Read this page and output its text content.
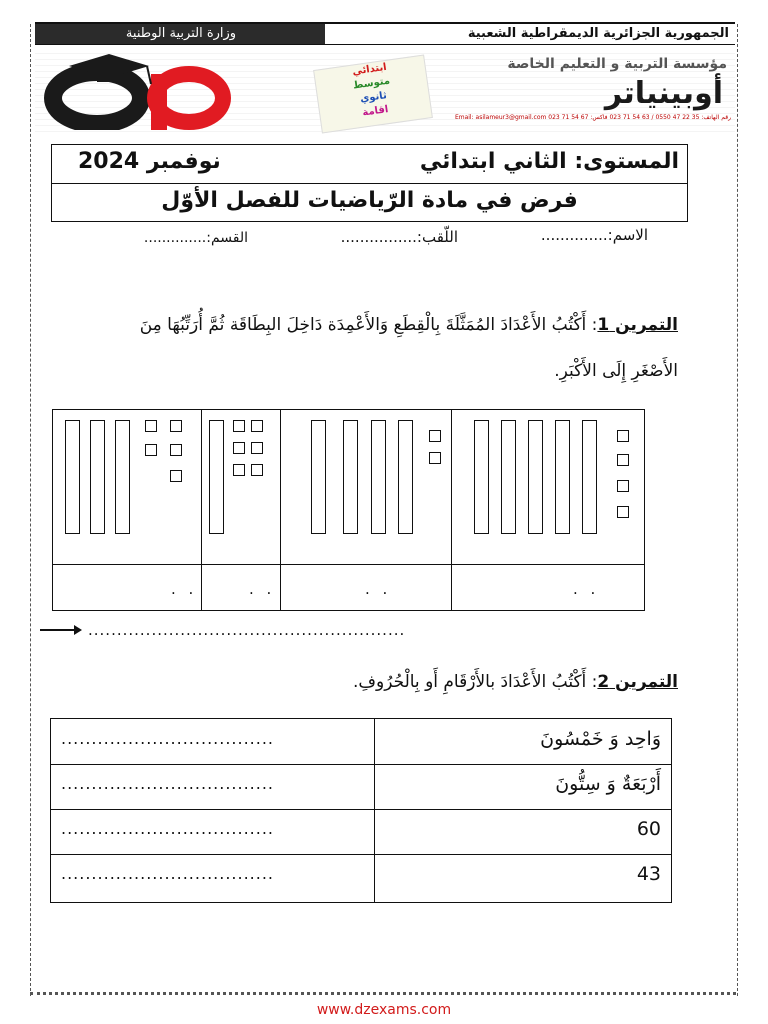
وزارة التربية الوطنية	الجمهورية الجزائرية الديمقراطية الشعبية
ابتدائي
متوسط
ثانوي
اقامة
مؤسسة التربية و التعليم الخاصة
أوبينياتر
رقم الهاتف: 35 22 47 0550 / 63 54 71 023 فاكس: 67 54 71 023 Email: asilameur3@gmail.com
المستوى: الثاني ابتدائي
نوفمبر 2024
فرض في مادة الرّياضيات للفصل الأوّل
الاسم:..............
اللّقب:................
القسم:..............
التمرين 1: أَكْتُبُ الأَعْدَادَ المُمَثَّلَةَ بِالْقِطَعِ وَالأَعْمِدَة دَاخِلَ البِطَاقَة ثُمَّ أُرَتِّبُهَا مِنَ الأَصْغَرِ إِلَى الأَكْبَرِ.
. .	. .	. .	. .
.......................................................
التمرين 2: أَكْتُبُ الأَعْدَادَ بالأَرْقَامِ أَو بِالْحُرُوفِ.
...................................	وَاحِد وَ خَمْسُونَ
...................................	أَرْبَعَةٌ وَ سِتُّونَ
...................................	60
...................................	43
www.dzexams.com
